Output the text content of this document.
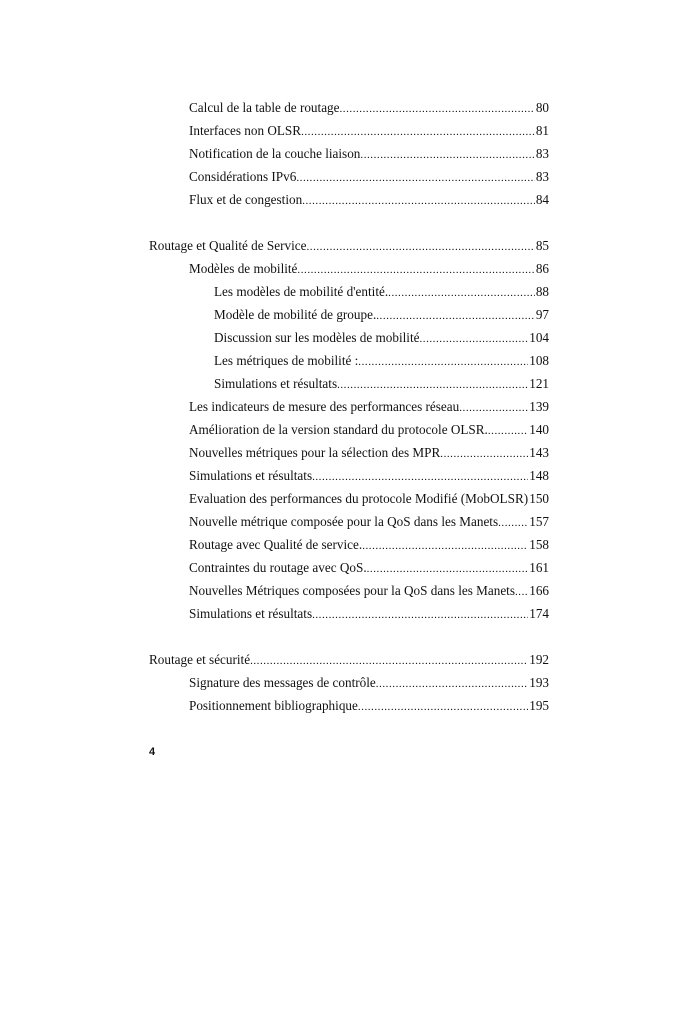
Calcul de la table de routage . . .	80
Interfaces non OLSR . . .	81
Notification de la couche liaison . . .	83
Considérations IPv6 . . .	83
Flux et de congestion . . .	84
Routage et Qualité de Service . . .	85
Modèles de mobilité . . .	86
Les modèles de mobilité d'entité. . . .	88
Modèle de mobilité de groupe. . . .	97
Discussion sur les modèles de mobilité . . .	104
Les métriques de mobilité : . . .	108
Simulations et résultats . . .	121
Les indicateurs de mesure des performances réseau . . .	139
Amélioration de la version standard du protocole OLSR. . . .	140
Nouvelles métriques pour la sélection des MPR . . .	143
Simulations et résultats . . .	148
Evaluation des performances du protocole Modifié (MobOLSR) . . . 150
Nouvelle métrique composée pour la QoS dans les Manets . . . 157
Routage avec Qualité de service. . . .	158
Contraintes du routage avec QoS. . . .	161
Nouvelles Métriques composées pour la QoS dans les Manets . . . 166
Simulations et résultats . . .	174
Routage et sécurité . . .	192
Signature des messages de contrôle . . .	193
Positionnement bibliographique . . .	195
4
